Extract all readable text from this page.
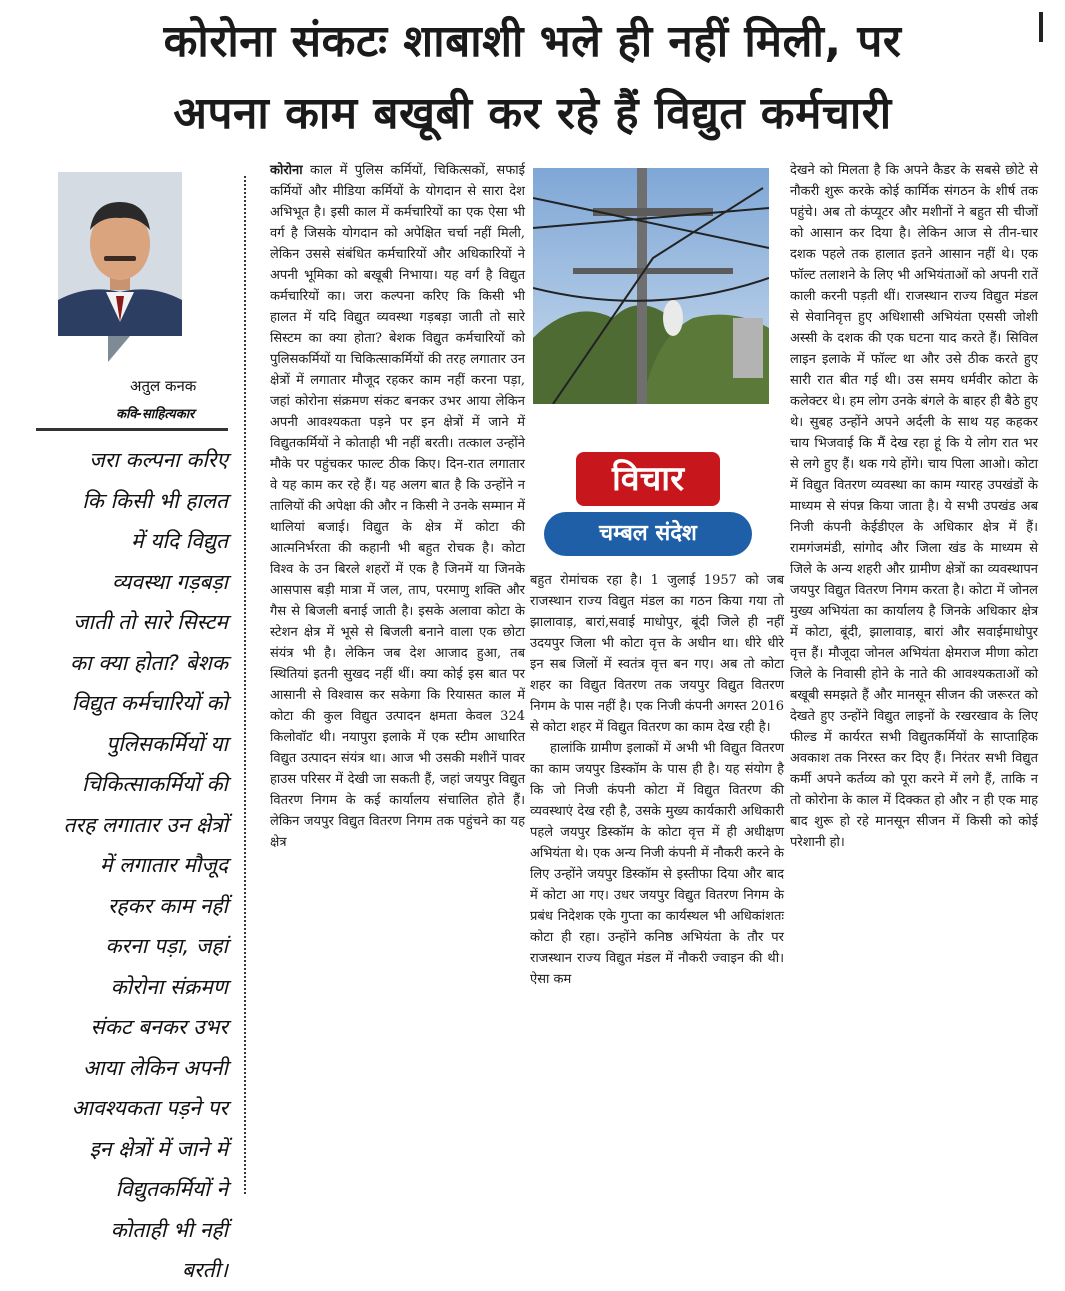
कोरोना संकटः शाबाशी भले ही नहीं मिली, पर
अपना काम बखूबी कर रहे हैं विद्युत कर्मचारी
अतुल कनक
कवि-साहित्यकार
जरा कल्पना करिए
कि किसी भी हालत
में यदि विद्युत
व्यवस्था गड़बड़ा
जाती तो सारे सिस्टम
का क्या होता? बेशक
विद्युत कर्मचारियों को
पुलिसकर्मियों या
चिकित्साकर्मियों की
तरह लगातार उन क्षेत्रों
में लगातार मौजूद
रहकर काम नहीं
करना पड़ा, जहां
कोरोना संक्रमण
संकट बनकर उभर
आया लेकिन अपनी
आवश्यकता पड़ने पर
इन क्षेत्रों में जाने में
विद्युतकर्मियों ने
कोताही भी नहीं
बरती।

कोरोना काल में पुलिस कर्मियों, चिकित्सकों, सफाई कर्मियों और मीडिया कर्मियों के योगदान से सारा देश अभिभूत है। इसी काल में कर्मचारियों का एक ऐसा भी वर्ग है जिसके योगदान को अपेक्षित चर्चा नहीं मिली, लेकिन उससे संबंधित कर्मचारियों और अधिकारियों ने अपनी भूमिका को बखूबी निभाया। यह वर्ग है विद्युत कर्मचारियों का। जरा कल्पना करिए कि किसी भी हालत में यदि विद्युत व्यवस्था गड़बड़ा जाती तो सारे सिस्टम का क्या होता? बेशक विद्युत कर्मचारियों को पुलिसकर्मियों या चिकित्साकर्मियों की तरह लगातार उन क्षेत्रों में लगातार मौजूद रहकर काम नहीं करना पड़ा, जहां कोरोना संक्रमण संकट बनकर उभर आया लेकिन अपनी आवश्यकता पड़ने पर इन क्षेत्रों में जाने में विद्युतकर्मियों ने कोताही भी नहीं बरती। तत्काल उन्होंने मौके पर पहुंचकर फाल्ट ठीक किए। दिन-रात लगातार वे यह काम कर रहे हैं। यह अलग बात है कि उन्होंने न तालियों की अपेक्षा की और न किसी ने उनके सम्मान में थालियां बजाई। विद्युत के क्षेत्र में कोटा की आत्मनिर्भरता की कहानी भी बहुत रोचक है। कोटा विश्व के उन बिरले शहरों में एक है जिनमें या जिनके आसपास बड़ी मात्रा में जल, ताप, परमाणु शक्ति और गैस से बिजली बनाई जाती है। इसके अलावा कोटा के स्टेशन क्षेत्र में भूसे से बिजली बनाने वाला एक छोटा संयंत्र भी है। लेकिन जब देश आजाद हुआ, तब स्थितियां इतनी सुखद नहीं थीं। क्या कोई इस बात पर आसानी से विश्वास कर सकेगा कि रियासत काल में कोटा की कुल विद्युत उत्पादन क्षमता केवल 324 किलोवॉट थी। नयापुरा इलाके में एक स्टीम आधारित विद्युत उत्पादन संयंत्र था। आज भी उसकी मशीनें पावर हाउस परिसर में देखी जा सकती हैं, जहां जयपुर विद्युत वितरण निगम के कई कार्यालय संचालित होते हैं। लेकिन जयपुर विद्युत वितरण निगम तक पहुंचने का यह क्षेत्र

विचार
चम्बल संदेश

बहुत रोमांचक रहा है। 1 जुलाई 1957 को जब राजस्थान राज्य विद्युत मंडल का गठन किया गया तो झालावाड़, बारां,सवाई माधोपुर, बूंदी जिले ही नहीं उदयपुर जिला भी कोटा वृत्त के अधीन था। धीरे धीरे इन सब जिलों में स्वतंत्र वृत्त बन गए। अब तो कोटा शहर का विद्युत वितरण तक जयपुर विद्युत वितरण निगम के पास नहीं है। एक निजी कंपनी अगस्त 2016 से कोटा शहर में विद्युत वितरण का काम देख रही है।

हालांकि ग्रामीण इलाकों में अभी भी विद्युत वितरण का काम जयपुर डिस्कॉम के पास ही है। यह संयोग है कि जो निजी कंपनी कोटा में विद्युत वितरण की व्यवस्थाएं देख रही है, उसके मुख्य कार्यकारी अधिकारी पहले जयपुर डिस्कॉम के कोटा वृत्त में ही अधीक्षण अभियंता थे। एक अन्य निजी कंपनी में नौकरी करने के लिए उन्होंने जयपुर डिस्कॉम से इस्तीफा दिया और बाद में कोटा आ गए। उधर जयपुर विद्युत वितरण निगम के प्रबंध निदेशक एके गुप्ता का कार्यस्थल भी अधिकांशतः कोटा ही रहा। उन्होंने कनिष्ठ अभियंता के तौर पर राजस्थान राज्य विद्युत मंडल में नौकरी ज्वाइन की थी। ऐसा कम

देखने को मिलता है कि अपने कैडर के सबसे छोटे से नौकरी शुरू करके कोई कार्मिक संगठन के शीर्ष तक पहुंचे। अब तो कंप्यूटर और मशीनों ने बहुत सी चीजों को आसान कर दिया है। लेकिन आज से तीन-चार दशक पहले तक हालात इतने आसान नहीं थे। एक फॉल्ट तलाशने के लिए भी अभियंताओं को अपनी रातें काली करनी पड़ती थीं। राजस्थान राज्य विद्युत मंडल से सेवानिवृत्त हुए अधिशासी अभियंता एससी जोशी अस्सी के दशक की एक घटना याद करते हैं। सिविल लाइन इलाके में फॉल्ट था और उसे ठीक करते हुए सारी रात बीत गई थी। उस समय धर्मवीर कोटा के कलेक्टर थे। हम लोग उनके बंगले के बाहर ही बैठे हुए थे। सुबह उन्होंने अपने अर्दली के साथ यह कहकर चाय भिजवाई कि मैं देख रहा हूं कि ये लोग रात भर से लगे हुए हैं। थक गये होंगे। चाय पिला आओ। कोटा में विद्युत वितरण व्यवस्था का काम ग्यारह उपखंडों के माध्यम से संपन्न किया जाता है। ये सभी उपखंड अब निजी कंपनी केईडीएल के अधिकार क्षेत्र में हैं। रामगंजमंडी, सांगोद और जिला खंड के माध्यम से जिले के अन्य शहरी और ग्रामीण क्षेत्रों का व्यवस्थापन जयपुर विद्युत वितरण निगम करता है। कोटा में जोनल मुख्य अभियंता का कार्यालय है जिनके अधिकार क्षेत्र में कोटा, बूंदी, झालावाड़, बारां और सवाईमाधोपुर वृत्त हैं। मौजूदा जोनल अभियंता क्षेमराज मीणा कोटा जिले के निवासी होने के नाते की आवश्यकताओं को बखूबी समझते हैं और मानसून सीजन की जरूरत को देखते हुए उन्होंने विद्युत लाइनों के रखरखाव के लिए फील्ड में कार्यरत सभी विद्युतकर्मियों के साप्ताहिक अवकाश तक निरस्त कर दिए हैं। निरंतर सभी विद्युत कर्मी अपने कर्तव्य को पूरा करने में लगे हैं, ताकि न तो कोरोना के काल में दिक्कत हो और न ही एक माह बाद शुरू हो रहे मानसून सीजन में किसी को कोई परेशानी हो।
